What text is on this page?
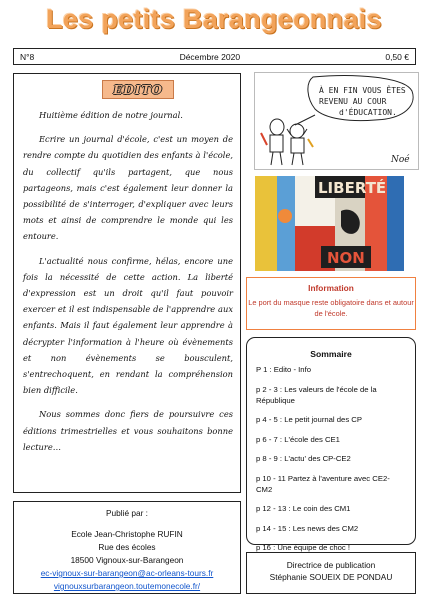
Les petits Barangeonnais
N°8	Décembre 2020	0,50 €
EDITO

Huitième édition de notre journal.

Ecrire un journal d'école, c'est un moyen de rendre compte du quotidien des enfants à l'école, du collectif qu'ils partagent, que nous partageons, mais c'est également leur donner la possibilité de s'interroger, d'expliquer avec leurs mots et ainsi de comprendre le monde qui les entoure.

L'actualité nous confirme, hélas, encore une fois la nécessité de cette action. La liberté d'expression est un droit qu'il faut pouvoir exercer et il est indispensable de l'apprendre aux enfants. Mais il faut également leur apprendre à décrypter l'information à l'heure où évènements et non évènements se bousculent, s'entrechoquent, en rendant la compréhension bien difficile.

Nous sommes donc fiers de poursuivre ces éditions trimestrielles et vous souhaitons bonne lecture…

Publié par :
Ecole Jean-Christophe RUFIN
Rue des écoles
18500 Vignoux-sur-Barangeon
ec-vignoux-sur-barangeon@ac-orleans-tours.fr
vignouxsurbarangeon.toutemonecole.fr/
À EN FIN VOUS ÊTES
REVENU AU COUR
d'ÉDUCATION.
Noé
LIBERTÉ
NON
Information
Le port du masque reste obligatoire dans et autour de l'école.
Sommaire
P 1 : Edito - Info
p 2 - 3 : Les valeurs de l'école de la République
p 4 - 5 : Le petit journal des CP
p 6 - 7 : L'école des CE1
p 8 - 9 : L'actu' des CP-CE2
p 10 - 11 Partez à l'aventure avec CE2-CM2
p 12 - 13 : Le coin des CM1
p 14 - 15 : Les news des CM2
p 16 : Une équipe de choc !
Directrice de publication
Stéphanie SOUEIX DE PONDAU
